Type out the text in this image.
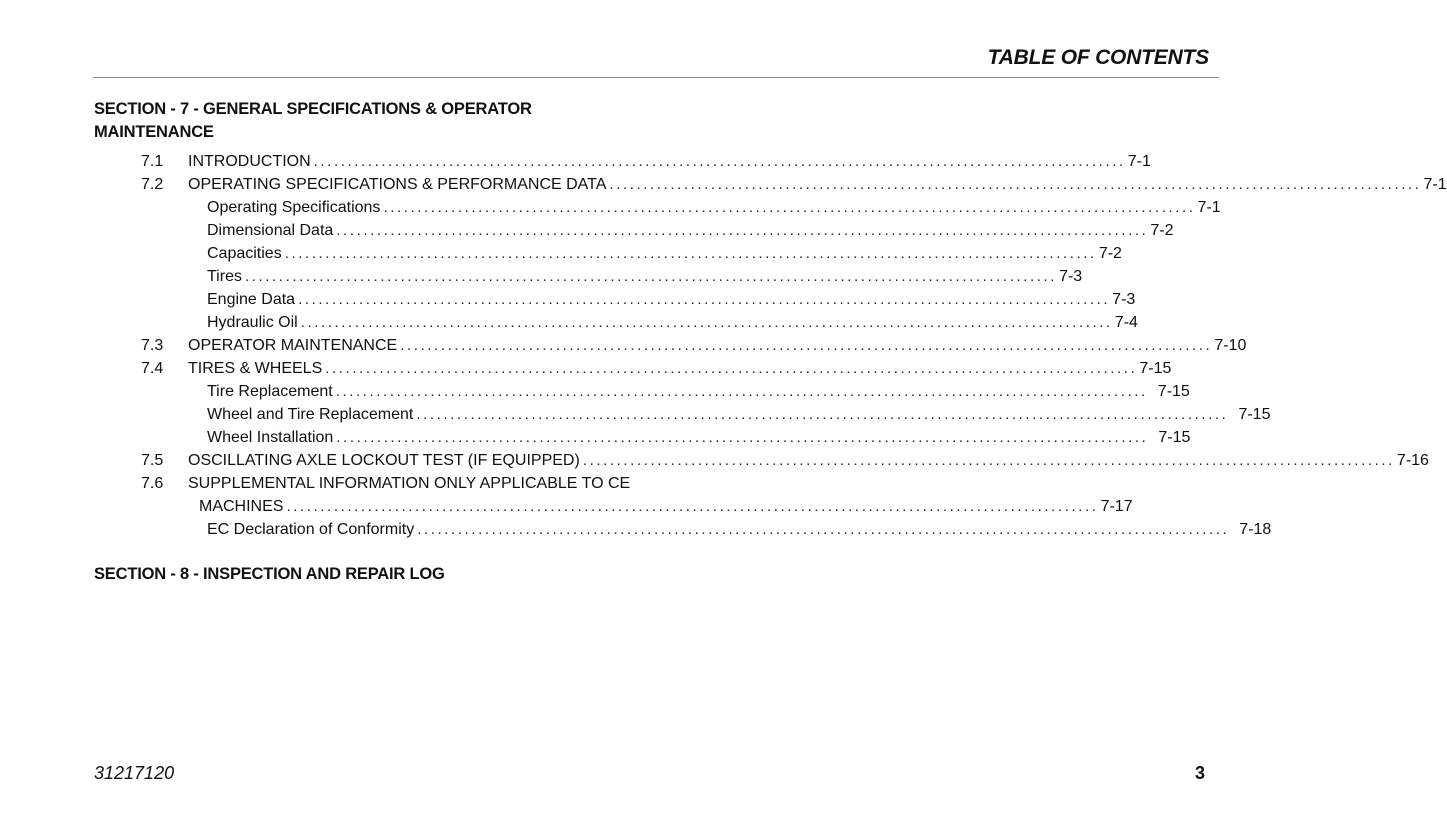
TABLE OF CONTENTS
SECTION - 7 - GENERAL SPECIFICATIONS & OPERATOR MAINTENANCE
7.1 INTRODUCTION ........................................................................................................................ 7-1
7.2 OPERATING SPECIFICATIONS & PERFORMANCE DATA ........................................................................................................................ 7-1
Operating Specifications ........................................................................................................................ 7-1
Dimensional Data ........................................................................................................................ 7-2
Capacities ........................................................................................................................ 7-2
Tires ........................................................................................................................ 7-3
Engine Data ........................................................................................................................ 7-3
Hydraulic Oil ........................................................................................................................ 7-4
7.3 OPERATOR MAINTENANCE ........................................................................................................................ 7-10
7.4 TIRES & WHEELS ........................................................................................................................ 7-15
Tire Replacement ........................................................................................................................ 7-15
Wheel and Tire Replacement ........................................................................................................................ 7-15
Wheel Installation ........................................................................................................................ 7-15
7.5 OSCILLATING AXLE LOCKOUT TEST (IF EQUIPPED) ........................................................................................................................ 7-16
7.6 SUPPLEMENTAL INFORMATION ONLY APPLICABLE TO CE
MACHINES ........................................................................................................................ 7-17
EC Declaration of Conformity ........................................................................................................................ 7-18
SECTION - 8 - INSPECTION AND REPAIR LOG
31217120	3
